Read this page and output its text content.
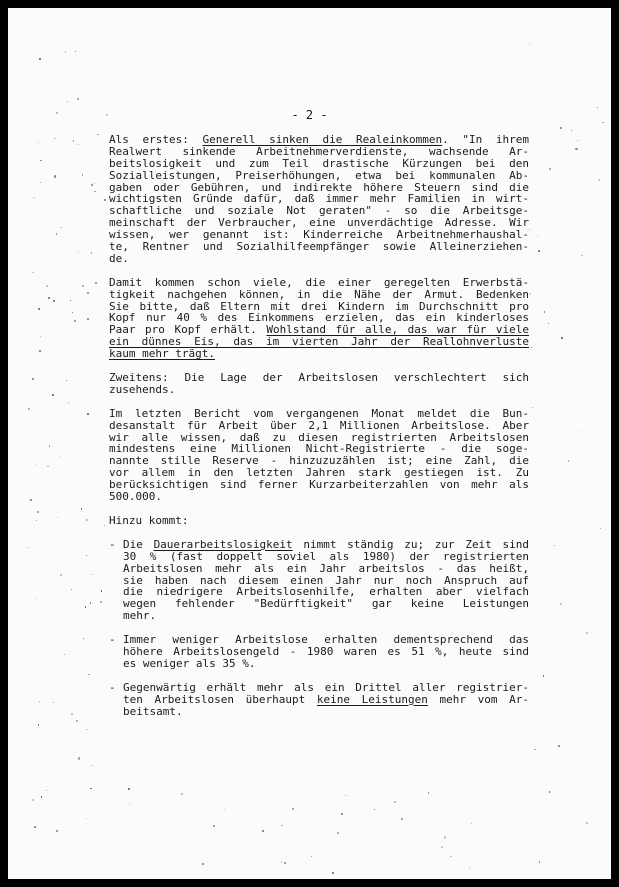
- 2 -
Als erstes: Generell sinken die Realeinkommen. "In ihrem
Realwert sinkende Arbeitnehmerverdienste, wachsende Ar-
beitslosigkeit und zum Teil drastische Kürzungen bei den
Sozialleistungen, Preiserhöhungen, etwa bei kommunalen Ab-
gaben oder Gebühren, und indirekte höhere Steuern sind die
wichtigsten Gründe dafür, daß immer mehr Familien in wirt-
schaftliche und soziale Not geraten" - so die Arbeitsge-
meinschaft der Verbraucher, eine unverdächtige Adresse. Wir
wissen, wer genannt ist: Kinderreiche Arbeitnehmerhaushal-
te, Rentner und Sozialhilfeempfänger sowie Alleinerziehen-
de.
Damit kommen schon viele, die einer geregelten Erwerbstä-
tigkeit nachgehen können, in die Nähe der Armut. Bedenken
Sie bitte, daß Eltern mit drei Kindern im Durchschnitt pro
Kopf nur 40 % des Einkommens erzielen, das ein kinderloses
Paar pro Kopf erhält. Wohlstand für alle, das war für viele
ein dünnes Eis, das im vierten Jahr der Reallohnverluste
kaum mehr trägt.
Zweitens: Die Lage der Arbeitslosen verschlechtert sich
zusehends.
Im letzten Bericht vom vergangenen Monat meldet die Bun-
desanstalt für Arbeit über 2,1 Millionen Arbeitslose. Aber
wir alle wissen, daß zu diesen registrierten Arbeitslosen
mindestens eine Millionen Nicht-Registrierte - die soge-
nannte stille Reserve - hinzuzuzählen ist; eine Zahl, die
vor allem in den letzten Jahren stark gestiegen ist. Zu
berücksichtigen sind ferner Kurzarbeiterzahlen von mehr als
500.000.
Hinzu kommt:
- Die Dauerarbeitslosigkeit nimmt ständig zu; zur Zeit sind
30 % (fast doppelt soviel als 1980) der registrierten
Arbeitslosen mehr als ein Jahr arbeitslos - das heißt,
sie haben nach diesem einen Jahr nur noch Anspruch auf
die niedrigere Arbeitslosenhilfe, erhalten aber vielfach
wegen fehlender "Bedürftigkeit" gar keine Leistungen
mehr.
- Immer weniger Arbeitslose erhalten dementsprechend das
höhere Arbeitslosengeld - 1980 waren es 51 %, heute sind
es weniger als 35 %.
- Gegenwärtig erhält mehr als ein Drittel aller registrier-
ten Arbeitslosen überhaupt keine Leistungen mehr vom Ar-
beitsamt.
